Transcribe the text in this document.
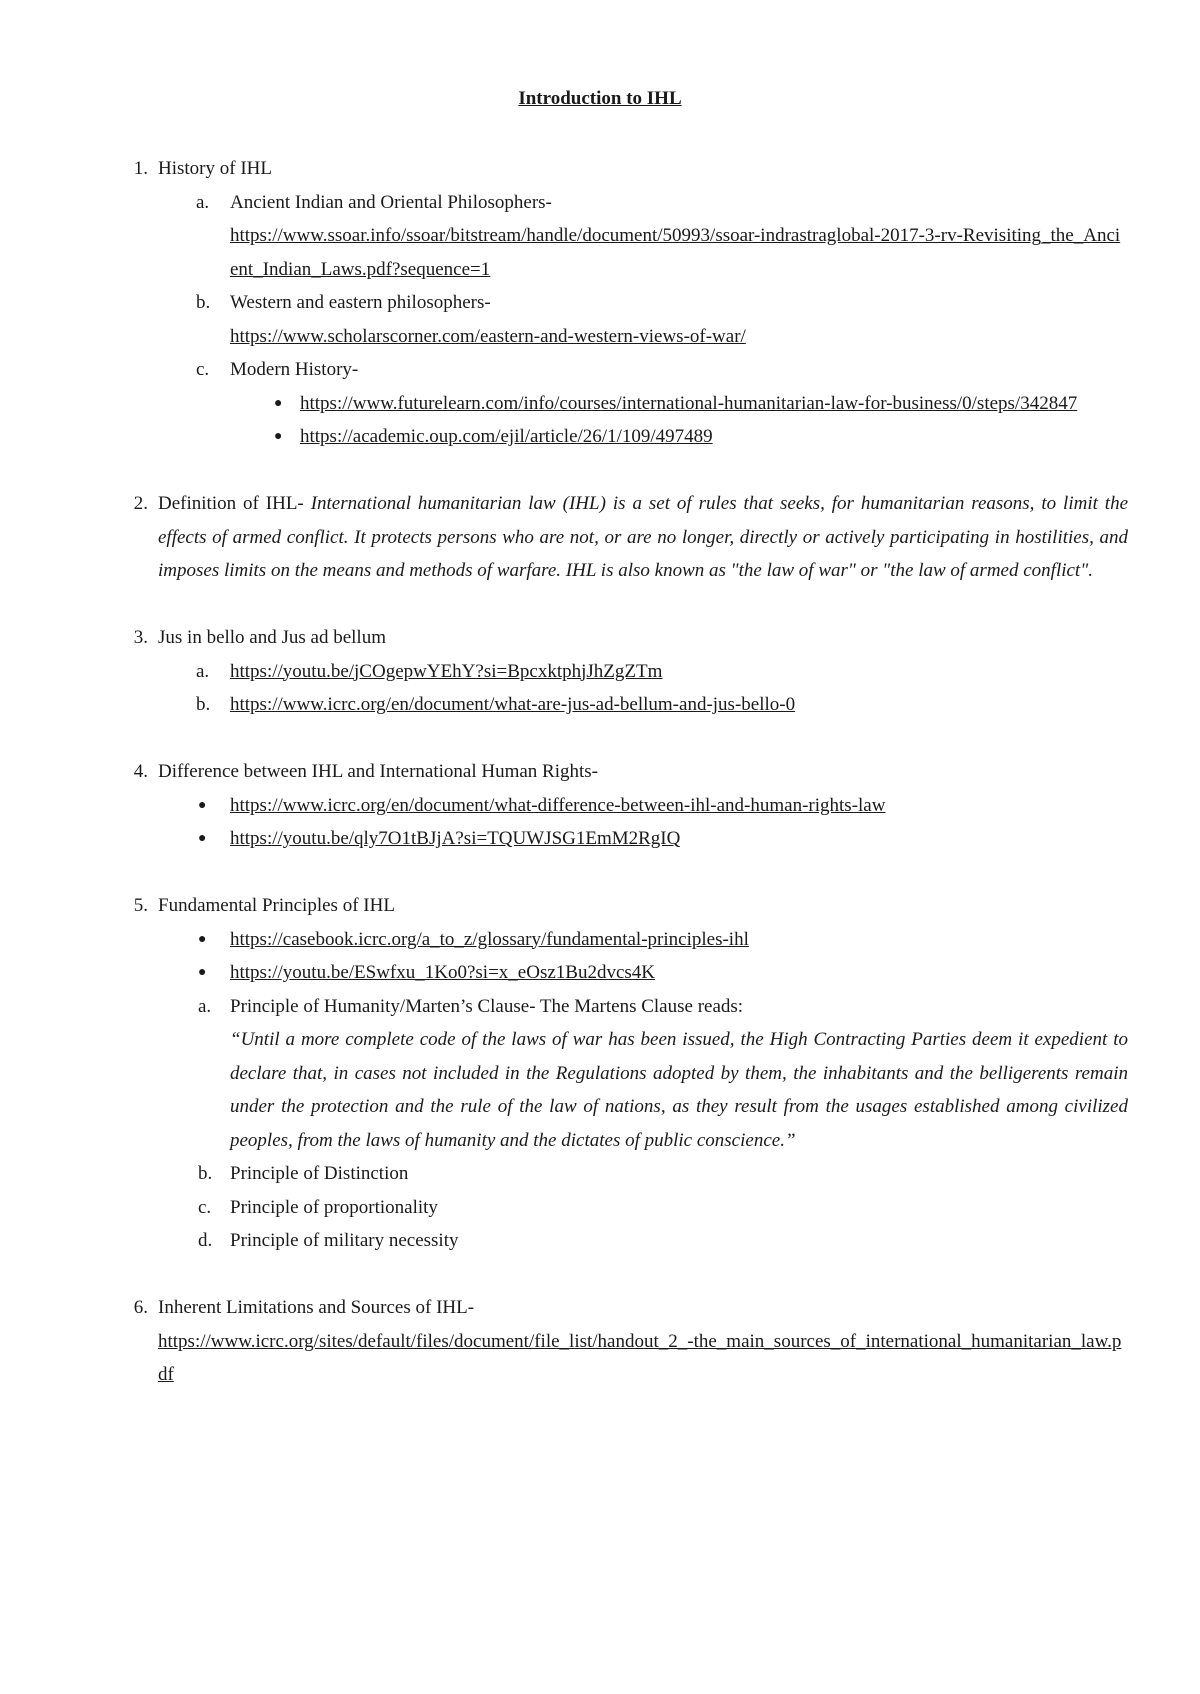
Introduction to IHL
1. History of IHL
a.	Ancient Indian and Oriental Philosophers-
https://www.ssoar.info/ssoar/bitstream/handle/document/50993/ssoar-indrastraglobal-2017-3-rv-Revisiting_the_Ancient_Indian_Laws.pdf?sequence=1
b.	Western and eastern philosophers-
https://www.scholarscorner.com/eastern-and-western-views-of-war/
c.	Modern History-
● https://www.futurelearn.com/info/courses/international-humanitarian-law-for-business/0/steps/342847
● https://academic.oup.com/ejil/article/26/1/109/497489
2. Definition of IHL- International humanitarian law (IHL) is a set of rules that seeks, for humanitarian reasons, to limit the effects of armed conflict. It protects persons who are not, or are no longer, directly or actively participating in hostilities, and imposes limits on the means and methods of warfare. IHL is also known as "the law of war" or "the law of armed conflict".
3. Jus in bello and Jus ad bellum
a.	https://youtu.be/jCOgepwYEhY?si=BpcxktphjJhZgZTm
b.	https://www.icrc.org/en/document/what-are-jus-ad-bellum-and-jus-bello-0
4. Difference between IHL and International Human Rights-
●	https://www.icrc.org/en/document/what-difference-between-ihl-and-human-rights-law
●	https://youtu.be/qly7O1tBJjA?si=TQUWJSG1EmM2RgIQ
5. Fundamental Principles of IHL
●	https://casebook.icrc.org/a_to_z/glossary/fundamental-principles-ihl
●	https://youtu.be/ESwfxu_1Ko0?si=x_eOsz1Bu2dvcs4K
a. Principle of Humanity/Marten’s Clause- The Martens Clause reads:
“Until a more complete code of the laws of war has been issued, the High Contracting Parties deem it expedient to declare that, in cases not included in the Regulations adopted by them, the inhabitants and the belligerents remain under the protection and the rule of the law of nations, as they result from the usages established among civilized peoples, from the laws of humanity and the dictates of public conscience.”
b. Principle of Distinction
c. Principle of proportionality
d. Principle of military necessity
6. Inherent Limitations and Sources of IHL-
https://www.icrc.org/sites/default/files/document/file_list/handout_2_-the_main_sources_of_international_humanitarian_law.pdf
